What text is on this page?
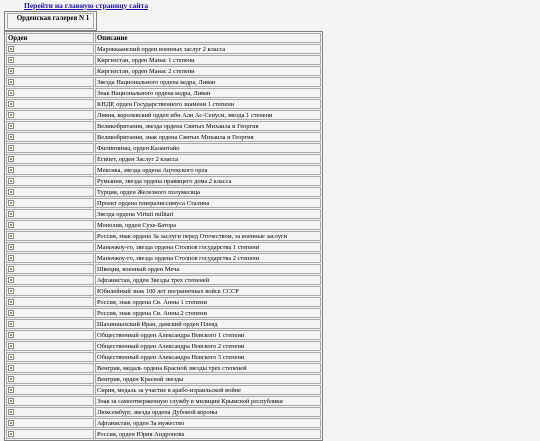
Перейти на главную страницу сайта
Орденская галерея N 1
Орден	Описание
	Мароккаанский орден военных заслуг 2 класса
	Киргизстан, орден Манас 1 степени
	Киргизстан, орден Манас 2 степени
	Звезда Национального ордена кедра, Ливан
	Знак Национального ордена кедра, Ливан
	КНДР, орден Государственного знамени 1 степени
	Ливия, королевский орден ибн Али Ас-Сенуси, звезда 1 степени
	Великобритания, звезда ордена Святых Михаила и Георгия
	Великобритания, знак ордена Святых Михаила и Георгия
	Филиппины, орден Калантайо
	Египет, орден Заслуг 2 класса
	Мексика, звезда ордена Ацтекского орла
	Румыния, звезда ордена правящего дома 2 класса
	Турция, орден Железного полумесяца
	Проект ордена генералиссимуса Сталина
	Звезда ордена Virtuti militari
	Монолия, орден Сухе-Батора
	Россия, знак ордена За заслуги перед Отечеством, за военные заслуги
	Маньчжоу-го, звезда ордена Столпов государства 1 степени
	Маньчжоу-го, звезда ордена Столпов государства 2 степени
	Швеция, военный орден Меча
	Афганистан, орден Звезды трех степеней
	Юбилейный знак 100 лет пограничных войск СССР
	Россия, знак ордена Св. Анны 1 степени
	Россия, знак ордена Св. Анны 2 степени
	Шахиншахский Иран, дамский орден Плеяд
	Общественный орден Александра Невского 1 степени
	Общественный орден Александра Невского 2 степени
	Общественный орден Александра Невского 3 степени
	Венгрия, медаль ордена Красной звезды трех степеней
	Венгрия, орден Красной звезды
	Сирия, медаль за участие в арабо-израильской войне
	Знак за самоотверженную службу в милиции Крымской республики
	Люксембург, звезда ордена Дубовой короны
	Афганистан, орден За мужество
	Россия, орден Юрия Андропова
